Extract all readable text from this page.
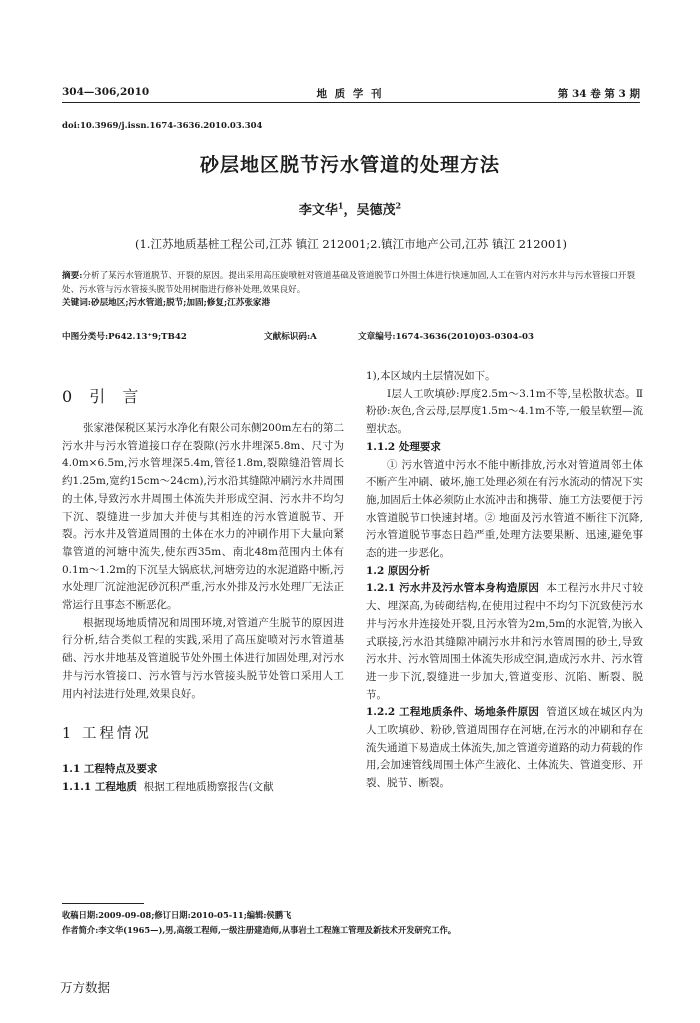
304—306,2010	地 质 学 刊	第 34 卷 第 3 期
doi:10.3969/j.issn.1674-3636.2010.03.304
砂层地区脱节污水管道的处理方法
李文华$^1$，吴德茂$^2$
(1.江苏地质基桩工程公司,江苏 镇江 212001;2.镇江市地产公司,江苏 镇江 212001)

摘要:分析了某污水管道脱节、开裂的原因。提出采用高压旋喷桩对管道基础及管道脱节口外围土体进行快速加固,人工在管内对污水井与污水管接口开裂处、污水管与污水管接头脱节处用树脂进行修补处理,效果良好。

关键词:砂层地区;污水管道;脱节;加固;修复;江苏张家港

中图分类号:P642.13⁺9;TB42	文献标识码:A	文章编号:1674-3636(2010)03-0304-03

0 引 言

张家港保税区某污水净化有限公司东侧200m左右的第二污水井与污水管道接口存在裂隙(污水井埋深5.8m、尺寸为4.0m×6.5m,污水管埋深5.4m,管径1.8m,裂隙缝沿管周长约1.25m,宽约15cm～24cm),污水沿其缝隙冲刷污水井周围的土体,导致污水井周围土体流失并形成空洞、污水井不均匀下沉、裂缝进一步加大并使与其相连的污水管道脱节、开裂。污水井及管道周围的土体在水力的冲刷作用下大量向紧靠管道的河塘中流失,使东西35m、南北48m范围内土体有0.1m～1.2m的下沉呈大锅底状,河塘旁边的水泥道路中断,污水处理厂沉淀池泥砂沉积严重,污水外排及污水处理厂无法正常运行且事态不断恶化。

根据现场地质情况和周围环境,对管道产生脱节的原因进行分析,结合类似工程的实践,采用了高压旋喷对污水管道基础、污水井地基及管道脱节处外围土体进行加固处理,对污水井与污水管接口、污水管与污水管接头脱节处管口采用人工用内衬法进行处理,效果良好。

1 工程情况

1.1 工程特点及要求

1.1.1 工程地质 根据工程地质勘察报告(文献

1),本区域内土层情况如下。

Ⅰ层人工吹填砂:厚度2.5m～3.1m不等,呈松散状态。Ⅱ粉砂:灰色,含云母,层厚度1.5m～4.1m不等,一般呈软塑—流塑状态。

1.1.2 处理要求

① 污水管道中污水不能中断排放,污水对管道周邻土体不断产生冲刷、破坏,施工处理必须在有污水流动的情况下实施,加固后土体必须防止水流冲击和携带、施工方法要便于污水管道脱节口快速封堵。② 地面及污水管道不断往下沉降,污水管道脱节事态日趋严重,处理方法要果断、迅速,避免事态的进一步恶化。

1.2 原因分析

1.2.1 污水井及污水管本身构造原因 本工程污水井尺寸较大、埋深高,为砖砌结构,在使用过程中不均匀下沉致使污水井与污水井连接处开裂,且污水管为2m,5m的水泥管,为嵌入式联接,污水沿其缝隙冲刷污水井和污水管周围的砂土,导致污水井、污水管周围土体流失形成空洞,造成污水井、污水管进一步下沉,裂缝进一步加大,管道变形、沉陷、断裂、脱节。

1.2.2 工程地质条件、场地条件原因 管道区域在城区内为人工吹填砂、粉砂,管道周围存在河塘,在污水的冲刷和存在流失通道下易造成土体流失,加之管道旁道路的动力荷载的作用,会加速管线周围土体产生液化、土体流失、管道变形、开裂、脱节、断裂。

收稿日期:2009-09-08;修订日期:2010-05-11;编辑:侯鹏飞

作者简介:李文华(1965—),男,高级工程师,一级注册建造师,从事岩土工程施工管理及新技术开发研究工作。

万方数据
